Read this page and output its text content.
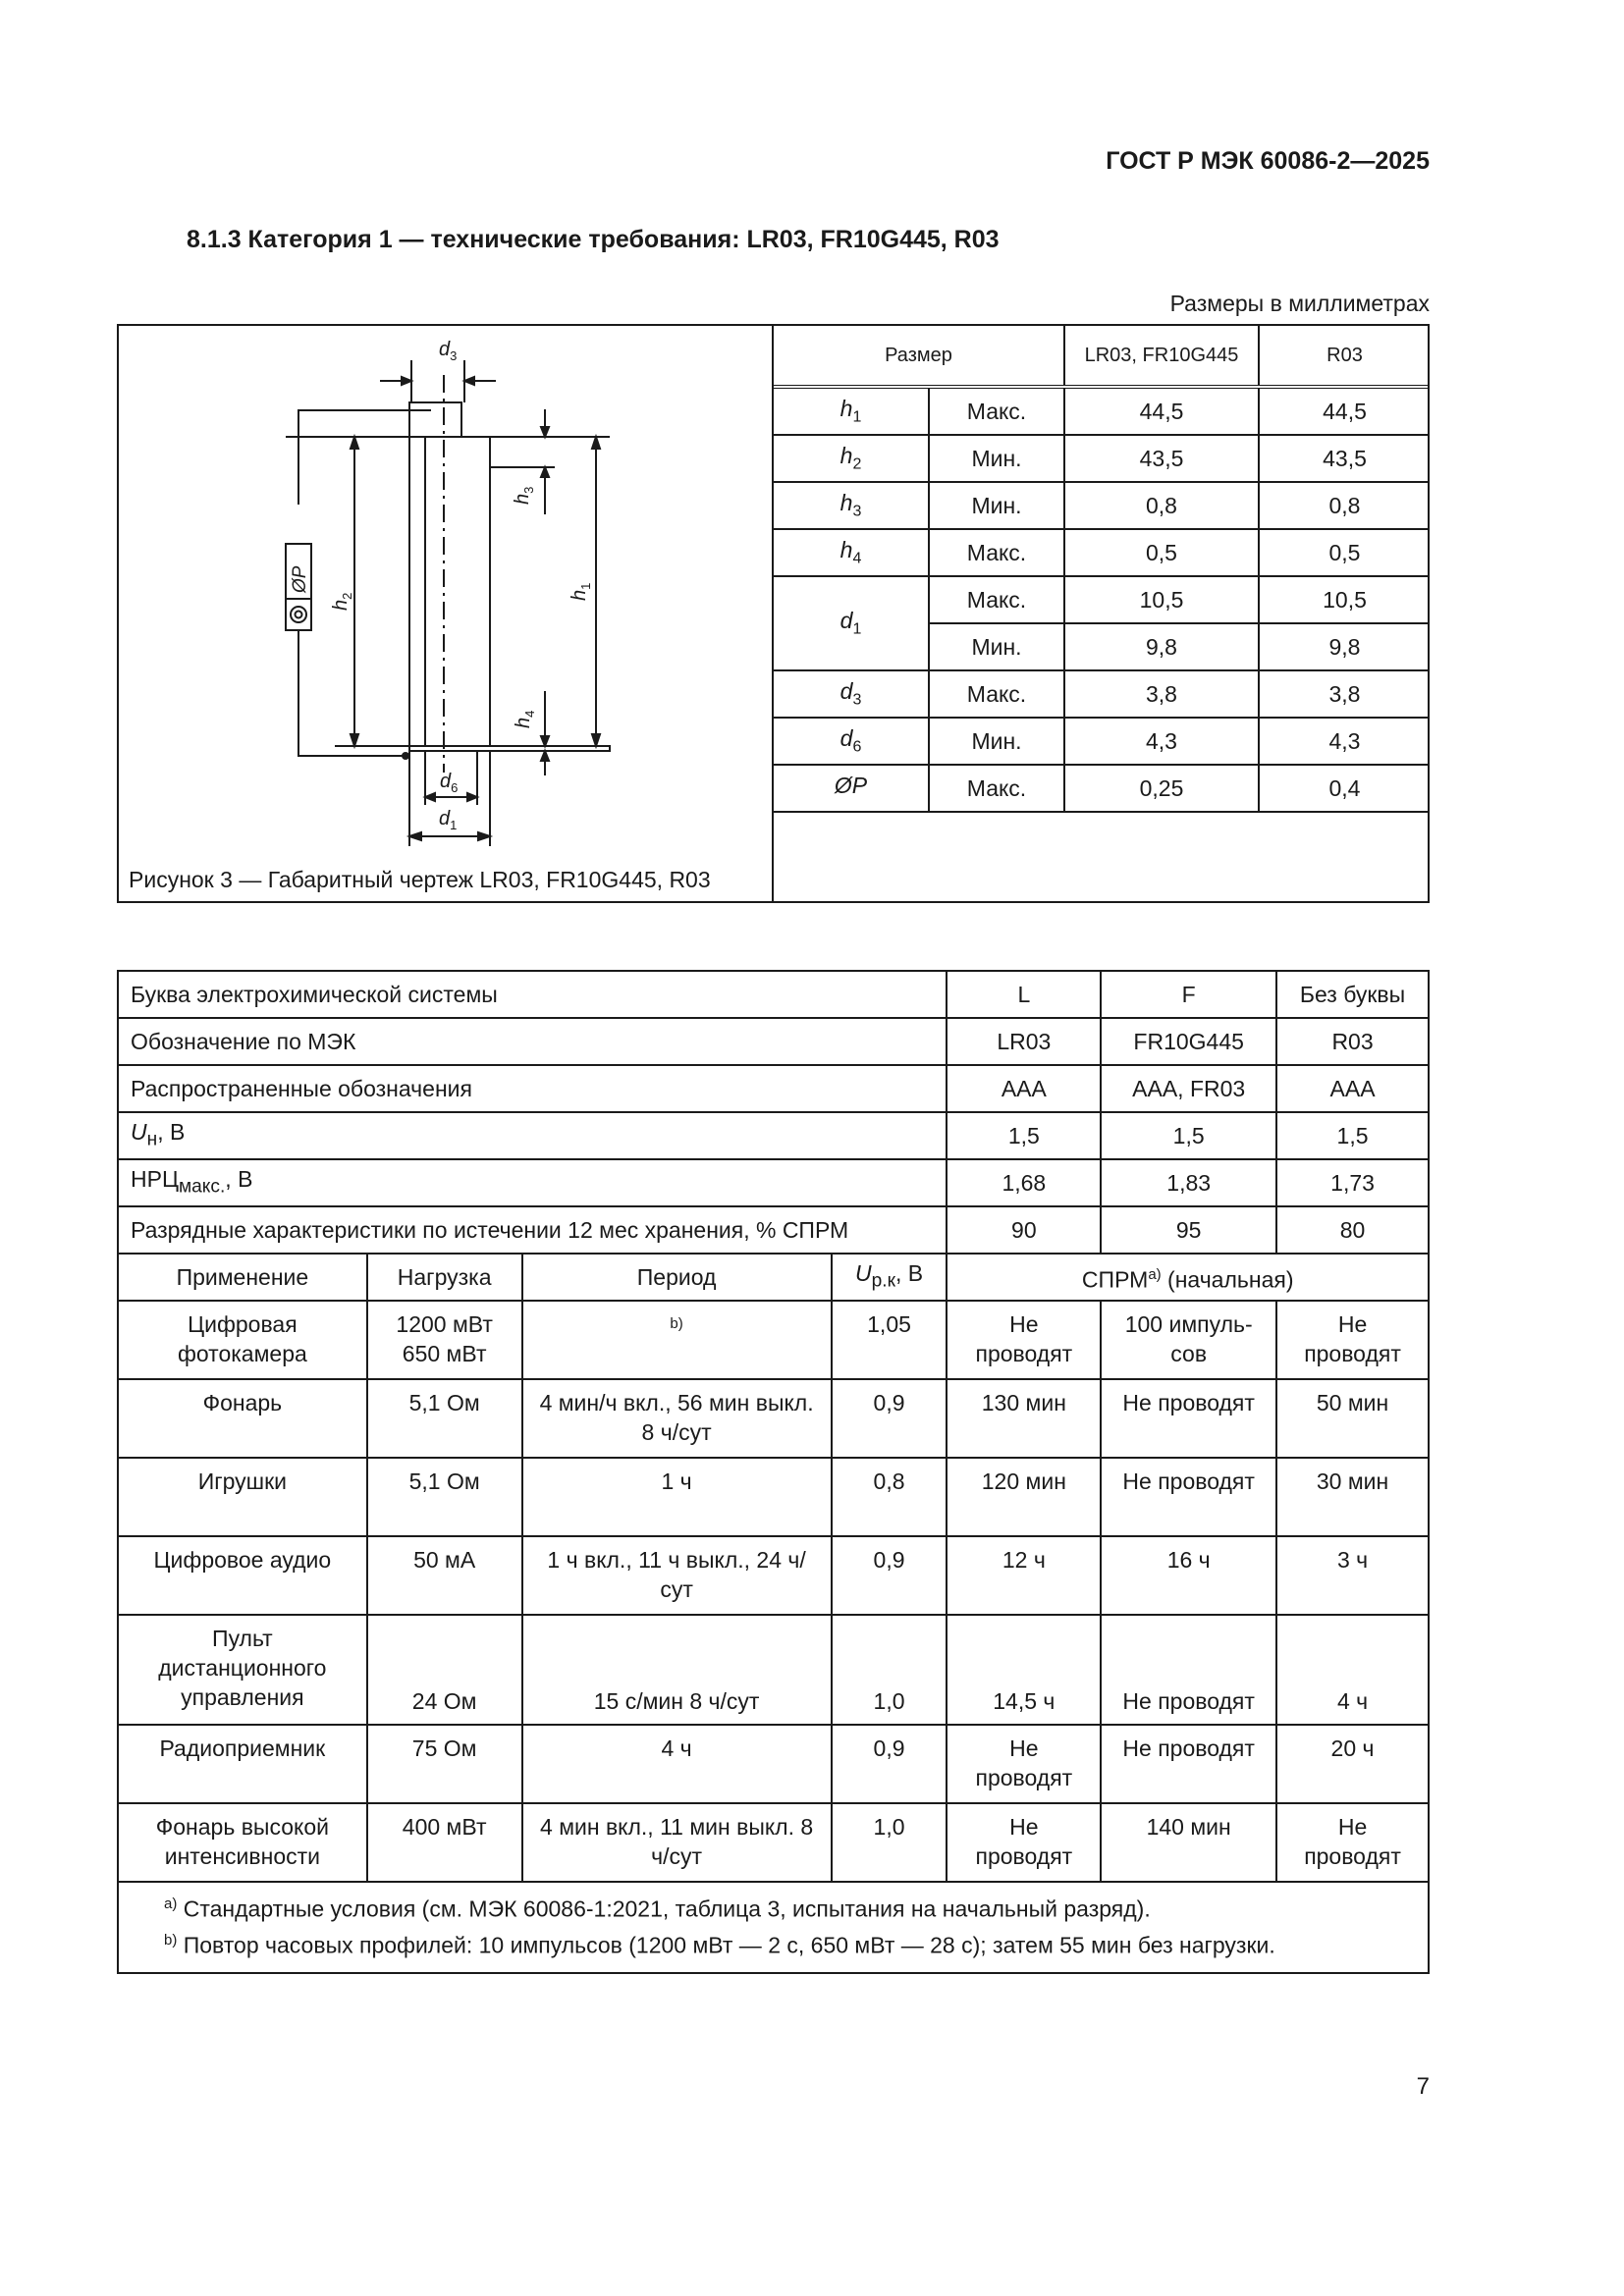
ГОСТ Р МЭК 60086-2—2025
8.1.3 Категория 1 — технические требования: LR03, FR10G445, R03
Размеры в миллиметрах
$d_3$
$h_3$
$h_1$
$h_2$
$h_4$
$d_6$
$d_1$
ØP
Рисунок 3 — Габаритный чертеж LR03, FR10G445, R03
Размер		LR03, FR10G445	R03
$h_1$	Макс.	44,5	44,5
$h_2$	Мин.	43,5	43,5
$h_3$	Мин.	0,8	0,8
$h_4$	Макс.	0,5	0,5
$d_1$	Макс.	10,5	10,5
	Мин.	9,8	9,8
$d_3$	Макс.	3,8	3,8
$d_6$	Мин.	4,3	4,3
ØP	Макс.	0,25	0,4
Буква электрохимической системы				L	F	Без буквы
Обозначение по МЭК				LR03	FR10G445	R03
Распространенные обозначения				AAA	AAA, FR03	AAA
$U_н$, В				1,5	1,5	1,5
$НРЦ_{макс.}$, В				1,68	1,83	1,73
Разрядные характеристики по истечении 12 мес хранения, % СПРМ				90	95	80
Применение	Нагрузка	Период	$U_{р.к}$, В	СПРМ$^{a)}$ (начальная)		
Цифровая фотокамера	1200 мВт 650 мВт	$^{b)}$	1,05	Не проводят	100 импуль-сов	Не проводят
Фонарь	5,1 Ом	4 мин/ч вкл., 56 мин выкл. 8 ч/сут	0,9	130 мин	Не проводят	50 мин
Игрушки	5,1 Ом	1 ч	0,8	120 мин	Не проводят	30 мин
Цифровое аудио	50 мА	1 ч вкл., 11 ч выкл., 24 ч/сут	0,9	12 ч	16 ч	3 ч
Пульт дистанционного управления	24 Ом	15 с/мин 8 ч/сут	1,0	14,5 ч	Не проводят	4 ч
Радиоприемник	75 Ом	4 ч	0,9	Не проводят	Не проводят	20 ч
Фонарь высокой интенсивности	400 мВт	4 мин вкл., 11 мин выкл. 8 ч/сут	1,0	Не проводят	140 мин	Не проводят

$^{a)}$ Стандартные условия (см. МЭК 60086-1:2021, таблица 3, испытания на начальный разряд).
$^{b)}$ Повтор часовых профилей: 10 импульсов (1200 мВт — 2 с, 650 мВт — 28 с); затем 55 мин без нагрузки.						
7
